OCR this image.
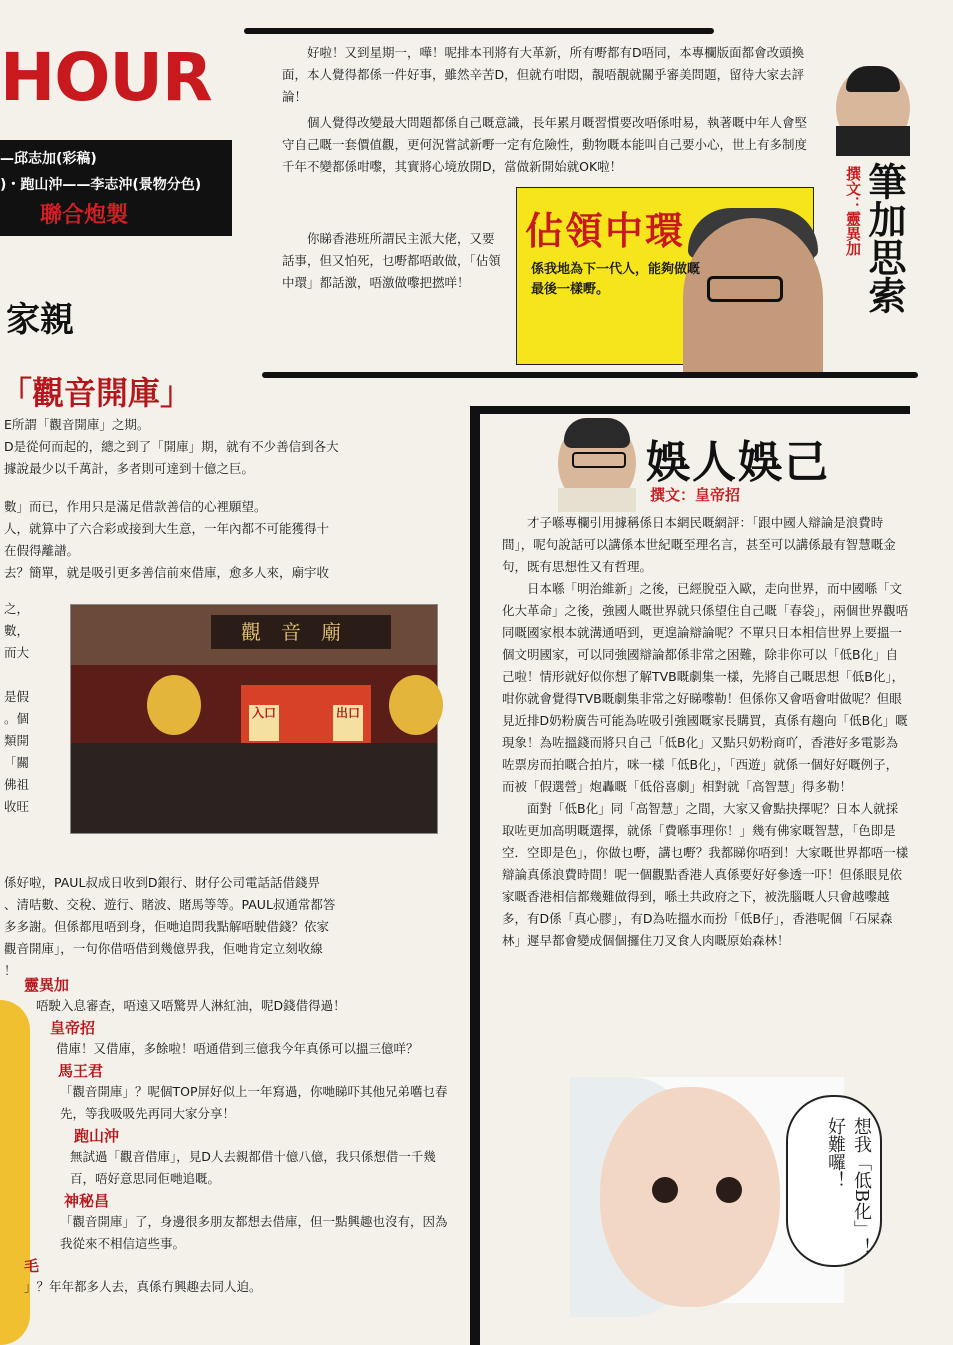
HOUR
—邱志加(彩稿)
)・跑山沖——李志沖(景物分色)
聯合炮製

好啦！又到星期一，嘩！呢排本刊將有大革新，所有嘢都有D唔同，本專欄版面都會改頭換面，本人覺得都係一件好事，雖然辛苦D，但就冇咁悶，靚唔靚就關乎審美問題，留待大家去評論！

個人覺得改變最大問題都係自己嘅意識，長年累月嘅習慣要改唔係咁易，執著嘅中年人會堅守自己嘅一套價值觀，更何況嘗試新嘢一定有危險性，動物嘅本能叫自己要小心，世上有多制度千年不變都係咁嚟，其實將心境放開D，當做新開始就OK啦！

你睇香港班所謂民主派大佬，又要話事，但又怕死，乜嘢都唔敢做，「佔領中環」都話激，唔激做嚟把撚咩！	筆加思索
撰文：靈異加
佔領中環
係我地為下一代人，能夠做嘅最後一樣嘢。
家親
「觀音開庫」

E所謂「觀音開庫」之期。

D是從何而起的，總之到了「開庫」期，就有不少善信到各大

據說最少以千萬計，多者則可達到十億之巨。

數」而已，作用只是滿足借款善信的心裡願望。

人，就算中了六合彩或接到大生意，一年內都不可能獲得十

在假得離譜。

去？簡單，就是吸引更多善信前來借庫，愈多人來，廟宇收

之，

數，

而大

是假

。個

類開

「關

佛祖

收旺

觀音廟
入口	出口

係好啦，PAUL叔成日收到D銀行、財仔公司電話話借錢畀

、清咭數、交稅、遊行、賭波、賭馬等等。PAUL叔通常都答

多多謝。但係都甩唔到身，佢哋追問我點解唔駛借錢？依家

觀音開庫」，一句你借唔借到幾億畀我，佢哋肯定立刻收線

！

靈異加

唔駛入息審查，唔遠又唔驚畀人淋紅油，呢D錢借得過！

皇帝招

借庫！又借庫，多餘啦！唔通借到三億我今年真係可以搵三億咩？

馬王君

「觀音開庫」？呢個TOP屏好似上一年寫過，你哋睇吓其他兄弟嚿乜春先，等我吸吸先再同大家分享！

跑山沖

無試過「觀音借庫」，見D人去親都借十億八億，我只係想借一千幾百，唔好意思同佢哋追嘅。

神秘昌

「觀音開庫」了，身邊很多朋友都想去借庫，但一點興趣也沒有，因為我從來不相信這些事。

毛

」？年年都多人去，真係冇興趣去同人迫。

娛人娛己
撰文：皇帝招

才子喺專欄引用據稱係日本網民嘅網評：「跟中國人辯論是浪費時間」，呢句說話可以講係本世紀嘅至理名言，甚至可以講係最有智慧嘅金句，既有思想性又有哲理。

日本喺「明治維新」之後，已經脫亞入歐，走向世界，而中國喺「文化大革命」之後，強國人嘅世界就只係望住自己嘅「春袋」，兩個世界觀唔同嘅國家根本就溝通唔到，更遑論辯論呢？不單只日本相信世界上要搵一個文明國家，可以同強國辯論都係非常之困難，除非你可以「低B化」自己啦！情形就好似你想了解TVB嘅劇集一樣，先將自己嘅思想「低B化」，咁你就會覺得TVB嘅劇集非常之好睇嚟勒！但係你又會唔會咁做呢？但眼見近排D奶粉廣告可能為咗吸引強國嘅家長購買，真係有趨向「低B化」嘅現象！為咗搵錢而將只自己「低B化」又點只奶粉商吖，香港好多電影為咗票房而拍嘅合拍片，咪一樣「低B化」，「西遊」就係一個好好嘅例子，而被「假選營」炮轟嘅「低俗喜劇」相對就「高智慧」得多勒！

面對「低B化」同「高智慧」之間，大家又會點抉擇呢？日本人就採取咗更加高明嘅選擇，就係「費喺事理你！」幾有佛家嘅智慧，「色即是空．空即是色」，你做乜嘢，講乜嘢？我都睇你唔到！大家嘅世界都唔一樣辯論真係浪費時間！呢一個觀點香港人真係要好好參透一吓！但係眼見依家嘅香港相信都幾難做得到，喺土共政府之下，被洗腦嘅人只會越嚟越多，有D係「真心膠」，有D為咗搵水而扮「低B仔」，香港呢個「石屎森林」遲早都會變成個個攞住刀叉食人肉嘅原始森林！

想我「低B化」！好難囉！
